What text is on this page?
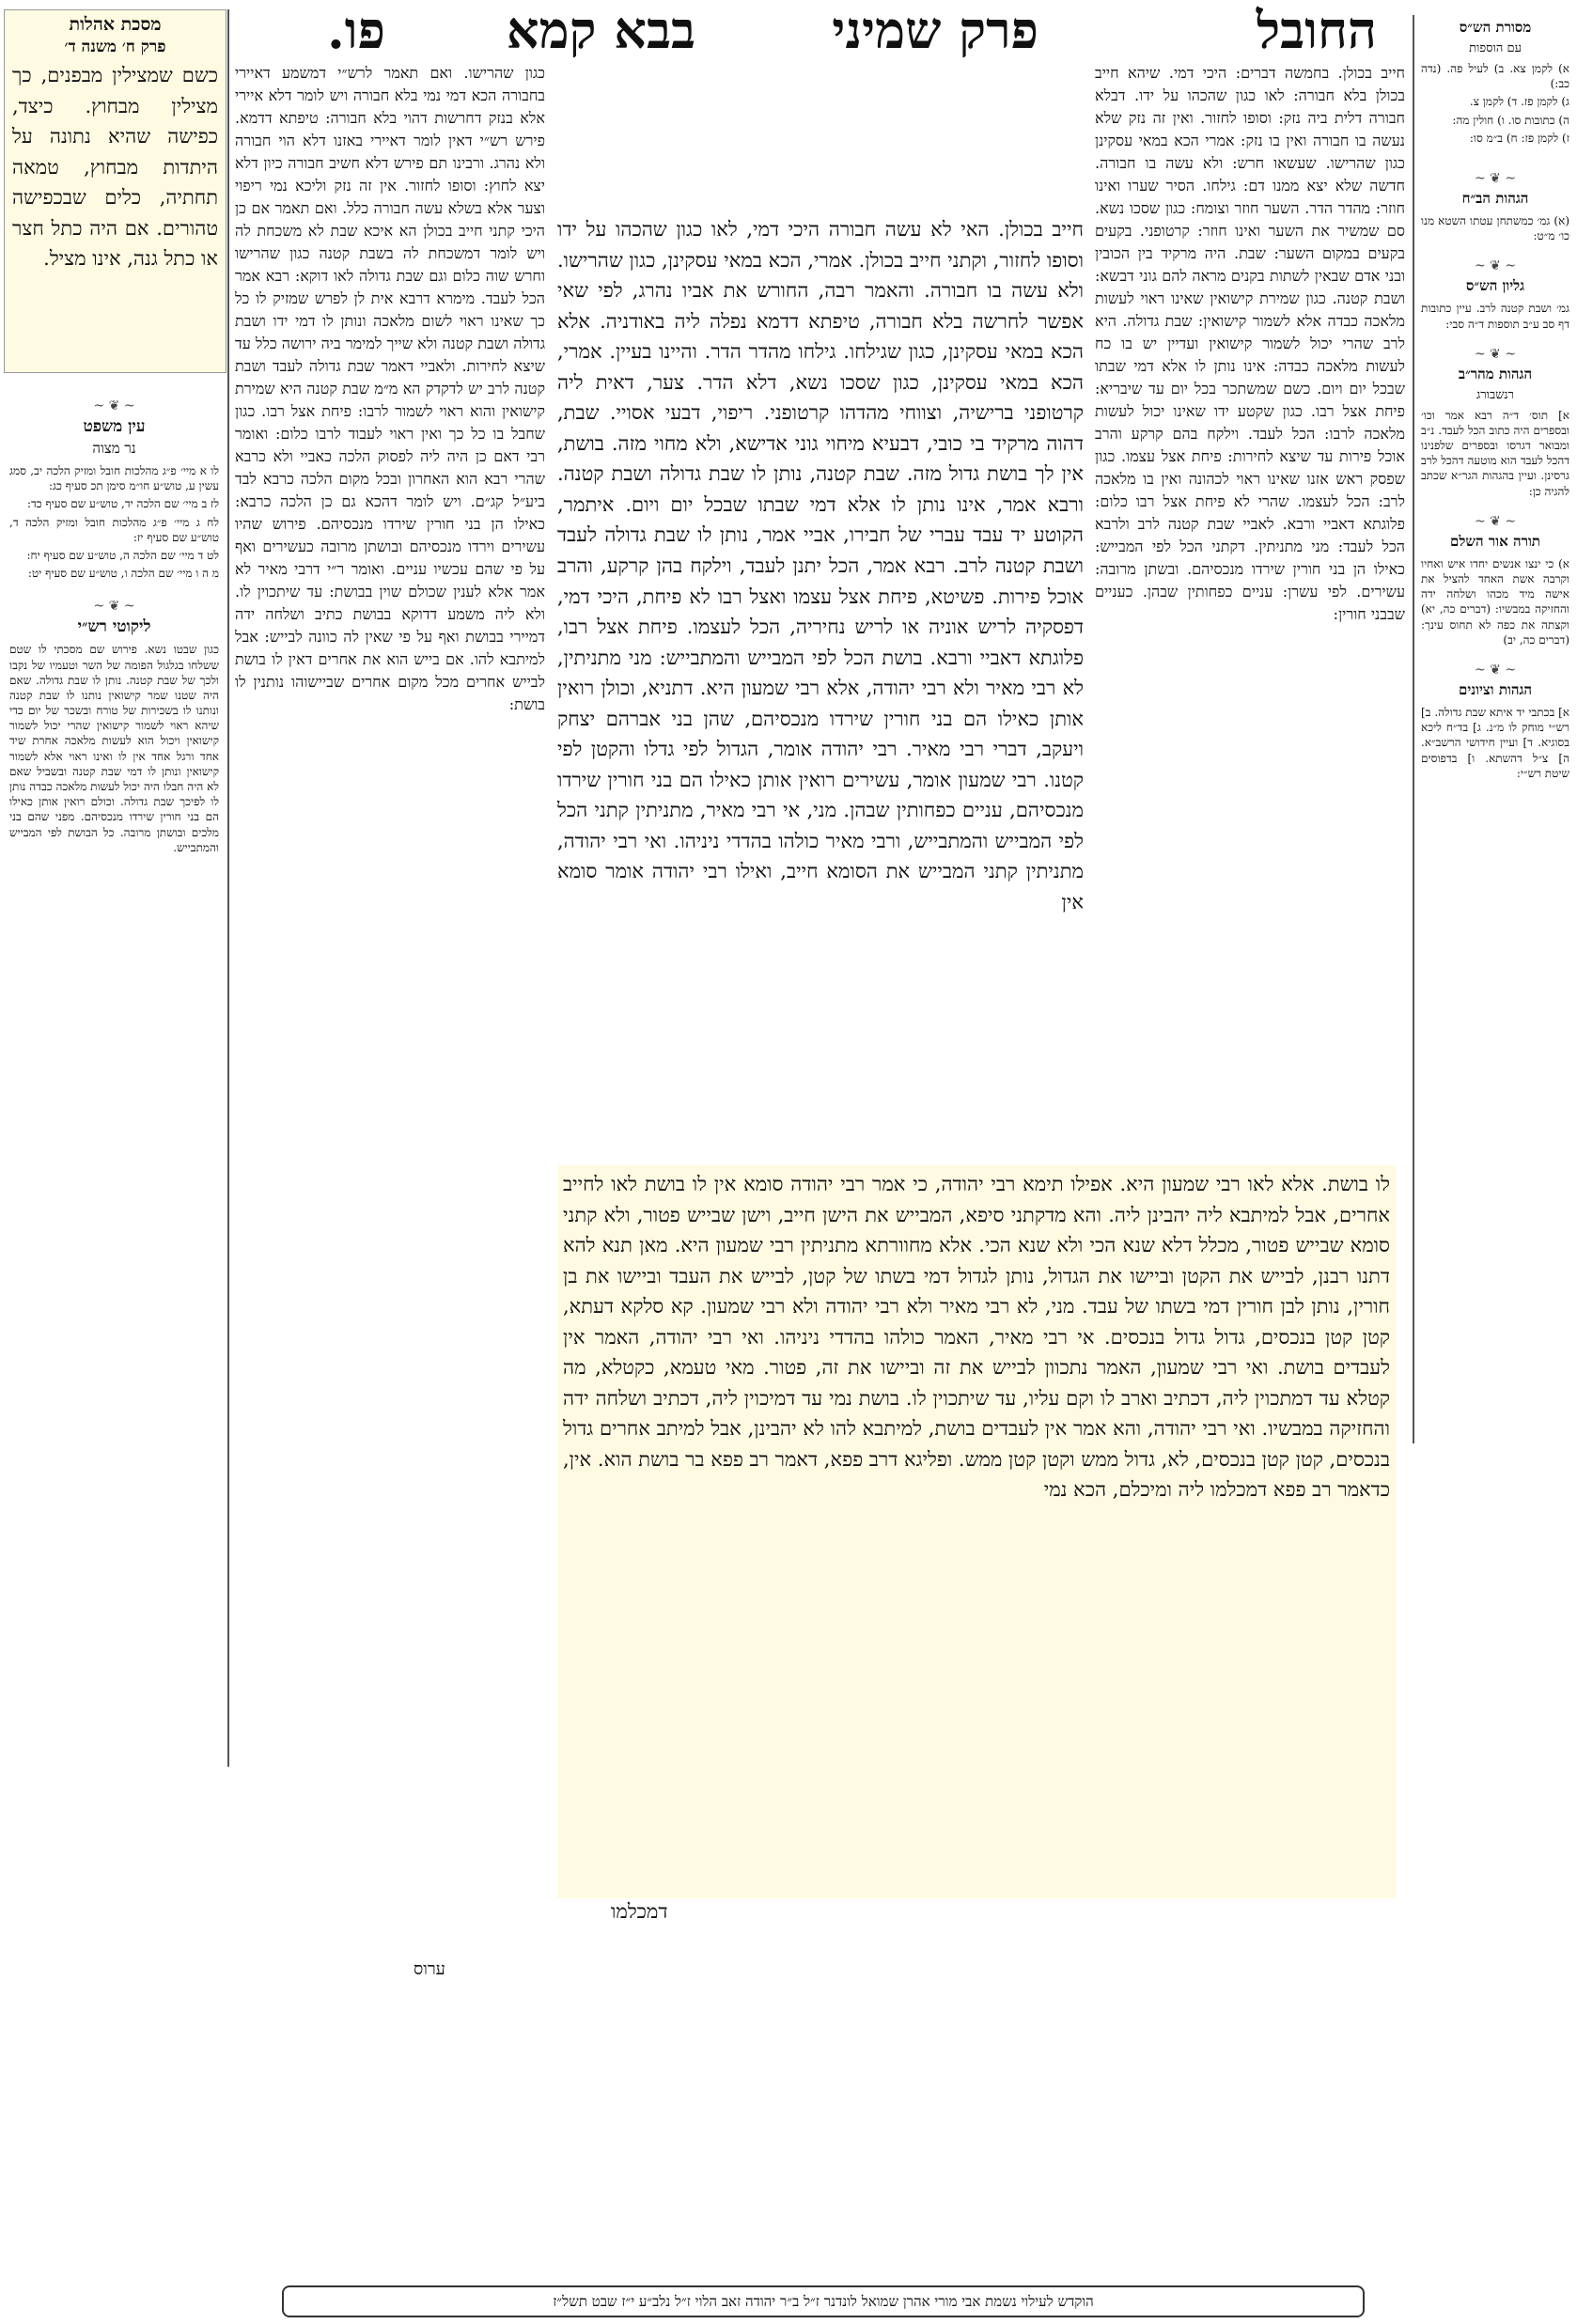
החובל
פרק שמיני
בבא קמא
פו.
מסכת אהלות
פרק ח׳ משנה ד׳
כשם שמצילין מבפנים, כך מצילין מבחוץ. כיצד, כפישה שהיא נתונה על היתדות מבחוץ, טמאה תחתיה, כלים שבכפישה טהורים. אם היה כתל חצר או כתל גנה, אינו מציל.
~ ❦ ~
עין משפט
נר מצוה
לו א מיי׳ פ״ג מהלכות חובל ומזיק הלכה יב, סמג עשין ע, טוש״ע חו״מ סימן תכ סעיף כג:
לז ב מיי׳ שם הלכה יד, טוש״ע שם סעיף כד:
לח ג מיי׳ פ״ג מהלכות חובל ומזיק הלכה ד, טוש״ע שם סעיף יז:
לט ד מיי׳ שם הלכה ה, טוש״ע שם סעיף יח:
מ ה ו מיי׳ שם הלכה ו, טוש״ע שם סעיף יט:
~ ❦ ~
ליקוטי רש״י
כגון שבטו נשא. פירוש שם מסכתי לו שטם ששלחו בגלגול הפומה של השר וטעמיו של נקבו ולכך של שבת קטנה. נותן לו שבת גדולה. שאם היה שטנו שמר קישואין נותנו לו שבת קטנה ונותנו לו בשכירות של טורח ובשכר של יום כדי שיהא ראוי לשמור קישואין שהרי יכול לשמור קישואין ויכול הוא לעשות מלאכה אחרת שיד אחד ורגל אחד אין לו ואינו ראוי אלא לשמור קישואין ונותן לו דמי שבת קטנה ובשביל שאם לא היה חבלו היה יכול לעשות מלאכה כבדה נותן לו לפיכך שבת גדולה. וכולם רואין אותן כאילו הם בני חורין שירדו מנכסיהם. מפני שהם בני מלכים ובושתן מרובה. כל הבושת לפי המבייש והמתבייש.
מסורת הש״ס
עם הוספות
א) לקמן צא. ב) לעיל פה. (נדה כב:)
ג) לקמן פז. ד) לקמן צ.
ה) כתובות סו. ו) חולין מה:
ז) לקמן פז: ח) ב״מ סו:
~ ❦ ~
הגהות הב״ח
(א) גמ׳ כמשתחן עטתו השטא מנו כו׳ מ״ט:
~ ❦ ~
גליון הש״ס
גמ׳ ושבת קטנה לרב. עיין כתובות דף סב ע״ב תוספות ד״ה סבי:
~ ❦ ~
הגהות מהר״ב
רנשבורג
א] תוס׳ ד״ה רבא אמר וכו׳ ובספרים היה כתוב הכל לעבד. נ״ב ומבואר דגרסו ובספרים שלפנינו דהכל לעבד הוא מוטעה דהכל לרב גרסינן. ועיין בהגהות הגר״א שכתב להגיה כן:
~ ❦ ~
תורה אור השלם
א) כי ינצו אנשים יחדו איש ואחיו וקרבה אשת האחד להציל את אישה מיד מכהו ושלחה ידה והחזיקה במבשיו: (דברים כה, יא) וקצתה את כפה לא תחוס עינך: (דברים כה, יב)
~ ❦ ~
הגהות וציונים
א] בכתבי יד איתא שבת גדולה. ב] רש״י מוחק לו מ״נ. ג] בד״ח ליכא בסוגיא. ד] ועיין חידושי הרשב״א. ה] צ״ל דהשתא. ו] בדפוסים שיטת רש״י:
חייב בכולן. בחמשה דברים: היכי דמי. שיהא חייב בכולן בלא חבורה: לאו כגון שהכהו על ידו. דבלא חבורה דלית ביה נזק: וסופו לחזור. ואין זה נזק שלא נעשה בו חבורה ואין בו נזק: אמרי הכא במאי עסקינן כגון שהרישו. שעשאו חרש: ולא עשה בו חבורה. חדשה שלא יצא ממנו דם: גילחו. הסיר שערו ואינו חוזר: מהדר הדר. השער חוזר וצומח: כגון שסכו נשא. סם שמשיר את השער ואינו חוזר: קרטופני. בקעים בקעים במקום השער: שבת. היה מרקיד בין הכובין ובני אדם שבאין לשתות בקנים מראה להם גוני דבשא: ושבת קטנה. כגון שמירת קישואין שאינו ראוי לעשות מלאכה כבדה אלא לשמור קישואין: שבת גדולה. היא לרב שהרי יכול לשמור קישואין ועדיין יש בו כח לעשות מלאכה כבדה: אינו נותן לו אלא דמי שבתו שבכל יום ויום. כשם שמשתכר בכל יום עד שיבריא: פיחת אצל רבו. כגון שקטע ידו שאינו יכול לעשות מלאכה לרבו: הכל לעבד. וילקח בהם קרקע והרב אוכל פירות עד שיצא לחירות: פיחת אצל עצמו. כגון שפסק ראש אזנו שאינו ראוי לכהונה ואין בו מלאכה לרב: הכל לעצמו. שהרי לא פיחת אצל רבו כלום: פלוגתא דאביי ורבא. לאביי שבת קטנה לרב ולרבא הכל לעבד: מני מתניתין. דקתני הכל לפי המבייש: כאילו הן בני חורין שירדו מנכסיהם. ובשתן מרובה: עשירים. לפי עשרן: עניים כפחותין שבהן. כעניים שבבני חורין:
כגון שהרישו. ואם תאמר לרש״י דמשמע דאיירי בחבורה הכא דמי נמי בלא חבורה ויש לומר דלא איירי אלא בנזק דחרשות דהוי בלא חבורה: טיפתא דדמא. פירש רש״י דאין לומר דאיירי באזנו דלא הוי חבורה ולא נהרג. ורבינו תם פירש דלא חשיב חבורה כיון דלא יצא לחוץ: וסופו לחזור. אין זה נזק וליכא נמי ריפוי וצער אלא בשלא עשה חבורה כלל. ואם תאמר אם כן היכי קתני חייב בכולן הא איכא שבת לא משכחת לה ויש לומר דמשכחת לה בשבת קטנה כגון שהרישו וחרש שוה כלום וגם שבת גדולה לאו דוקא: רבא אמר הכל לעבד. מימרא דרבא אית לן לפרש שמזיק לו כל כך שאינו ראוי לשום מלאכה ונותן לו דמי ידו ושבת גדולה ושבת קטנה ולא שייך למימר ביה ירושה כלל עד שיצא לחירות. ולאביי דאמר שבת גדולה לעבד ושבת קטנה לרב יש לדקדק הא מ״מ שבת קטנה היא שמירת קישואין והוא ראוי לשמור לרבו: פיחת אצל רבו. כגון שחבל בו כל כך ואין ראוי לעבוד לרבו כלום: ואומר רבי דאם כן היה ליה לפסוק הלכה כאביי ולא כרבא שהרי רבא הוא האחרון ובכל מקום הלכה כרבא לבד ביע״ל קג״ם. ויש לומר דהכא גם כן הלכה כרבא: כאילו הן בני חורין שירדו מנכסיהם. פירוש שהיו עשירים וירדו מנכסיהם ובושתן מרובה כעשירים ואף על פי שהם עכשיו עניים. ואומר ר״י דרבי מאיר לא אמר אלא לענין שכולם שוין בבושת: עד שיתכוין לו. ולא ליה משמע דדוקא בבושת כתיב ושלחה ידה דמיירי בבושת ואף על פי שאין לה כוונה לבייש: אבל למיתבא להו. אם בייש הוא את אחרים דאין לו בושת לבייש אחרים מכל מקום אחרים שביישוהו נותנין לו בושת:
ערוס
חייב בכולן. האי לא עשה חבורה היכי דמי, לאו כגון שהכהו על ידו וסופו לחזור, וקתני חייב בכולן. אמרי, הכא במאי עסקינן, כגון שהרישו. ולא עשה בו חבורה. והאמר רבה, החורש את אביו נהרג, לפי שאי אפשר לחרשה בלא חבורה, טיפתא דדמא נפלה ליה באודניה. אלא הכא במאי עסקינן, כגון שגילחו. גילחו מהדר הדר. והיינו בעיין. אמרי, הכא במאי עסקינן, כגון שסכו נשא, דלא הדר. צער, דאית ליה קרטופני ברישיה, וצווחי מהדהו קרטופני. ריפוי, דבעי אסויי. שבת, דהוה מרקיד בי כובי, דבעיא מיחוי גוני אדישא, ולא מחוי מזה. בושת, אין לך בושת גדול מזה. שבת קטנה, נותן לו שבת גדולה ושבת קטנה. ורבא אמר, אינו נותן לו אלא דמי שבתו שבכל יום ויום. איתמר, הקוטע יד עבד עברי של חבירו, אביי אמר, נותן לו שבת גדולה לעבד ושבת קטנה לרב. רבא אמר, הכל יתנן לעבד, וילקח בהן קרקע, והרב אוכל פירות. פשיטא, פיחת אצל עצמו ואצל רבו לא פיחת, היכי דמי, דפסקיה לריש אוניה או לריש נחיריה, הכל לעצמו. פיחת אצל רבו, פלוגתא דאביי ורבא. בושת הכל לפי המבייש והמתבייש: מני מתניתין, לא רבי מאיר ולא רבי יהודה, אלא רבי שמעון היא. דתניא, וכולן רואין אותן כאילו הם בני חורין שירדו מנכסיהם, שהן בני אברהם יצחק ויעקב, דברי רבי מאיר. רבי יהודה אומר, הגדול לפי גדלו והקטן לפי קטנו. רבי שמעון אומר, עשירים רואין אותן כאילו הם בני חורין שירדו מנכסיהם, עניים כפחותין שבהן. מני, אי רבי מאיר, מתניתין קתני הכל לפי המבייש והמתבייש, ורבי מאיר כולהו בהדדי ניניהו. ואי רבי יהודה, מתניתין קתני המבייש את הסומא חייב, ואילו רבי יהודה אומר סומא אין
לו בושת. אלא לאו רבי שמעון היא. אפילו תימא רבי יהודה, כי אמר רבי יהודה סומא אין לו בושת לאו לחייב אחרים, אבל למיתבא ליה יהבינן ליה. והא מדקתני סיפא, המבייש את הישן חייב, וישן שבייש פטור, ולא קתני סומא שבייש פטור, מכלל דלא שנא הכי ולא שנא הכי. אלא מחוורתא מתניתין רבי שמעון היא. מאן תנא להא דתנו רבנן, לבייש את הקטן וביישו את הגדול, נותן לגדול דמי בשתו של קטן, לבייש את העבד וביישו את בן חורין, נותן לבן חורין דמי בשתו של עבד. מני, לא רבי מאיר ולא רבי יהודה ולא רבי שמעון. קא סלקא דעתא, קטן קטן בנכסים, גדול גדול בנכסים. אי רבי מאיר, האמר כולהו בהדדי ניניהו. ואי רבי יהודה, האמר אין לעבדים בושת. ואי רבי שמעון, האמר נתכוון לבייש את זה וביישו את זה, פטור. מאי טעמא, כקטלא, מה קטלא עד דמתכוין ליה, דכתיב וארב לו וקם עליו, עד שיתכוין לו. בושת נמי עד דמיכוין ליה, דכתיב ושלחה ידה והחזיקה במבשיו. ואי רבי יהודה, והא אמר אין לעבדים בושת, למיתבא להו לא יהבינן, אבל למיתב אחרים גדול בנכסים, קטן קטן בנכסים, לא, גדול ממש וקטן קטן ממש. ופליגא דרב פפא, דאמר רב פפא בר בושת הוא. אין, כדאמר רב פפא דמכלמו ליה ומיכלם, הכא נמי
דמכלמו
הוקדש לעילוי נשמת אבי מורי אהרן שמואל לונדנר ז״ל ב״ר יהודה זאב הלוי ז״ל נלב״ע י״ז שבט תשל״ז
